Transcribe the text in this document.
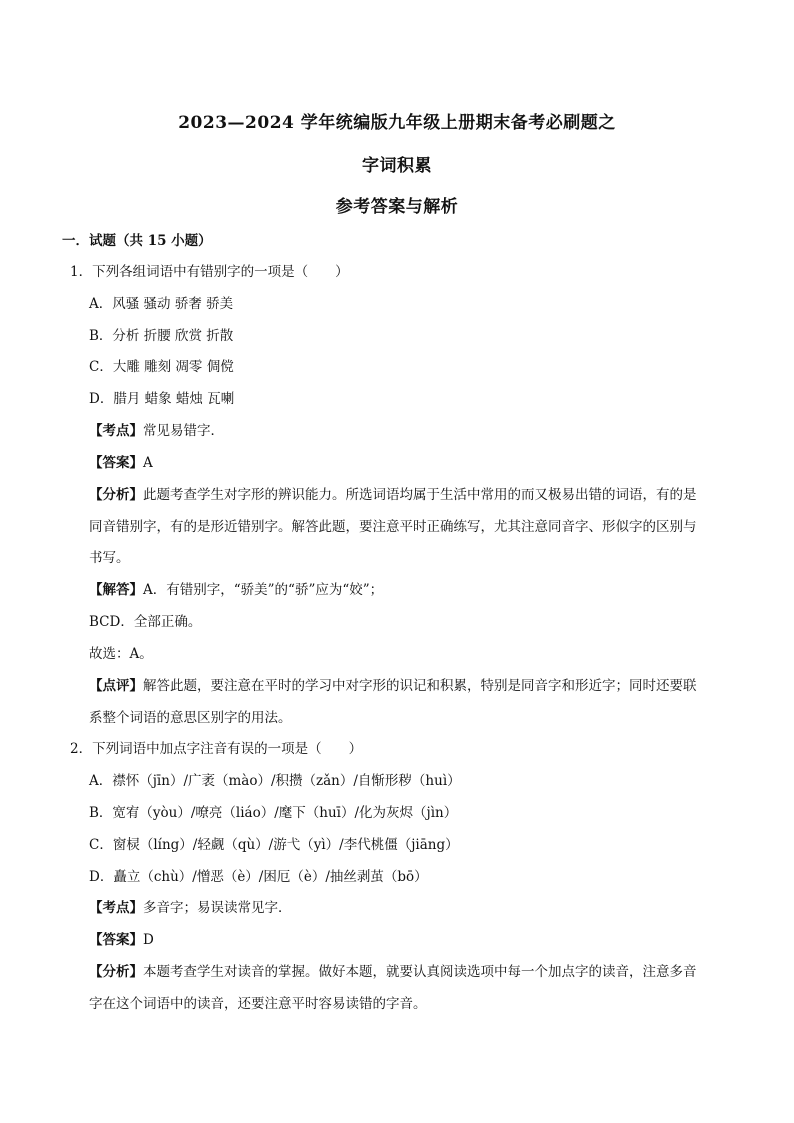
2023—2024 学年统编版九年级上册期末备考必刷题之
字词积累
参考答案与解析
一．试题（共 15 小题）
1．下列各组词语中有错别字的一项是（　　）
A．风骚 骚动 骄奢 骄美
B．分析 折腰 欣赏 折散
C．大雕 雕刻 凋零 倜傥
D．腊月 蜡象 蜡烛 瓦喇
【考点】常见易错字．
【答案】A
【分析】此题考查学生对字形的辨识能力。所选词语均属于生活中常用的而又极易出错的词语，有的是
同音错别字，有的是形近错别字。解答此题，要注意平时正确练写，尤其注意同音字、形似字的区别与
书写。
【解答】A．有错别字，“骄美”的“骄”应为“姣”；
BCD．全部正确。
故选：A。
【点评】解答此题，要注意在平时的学习中对字形的识记和积累，特别是同音字和形近字；同时还要联
系整个词语的意思区别字的用法。
2．下列词语中加点字注音有误的一项是（　　）
A．襟怀（jīn）/广袤（mào）/积攒（zǎn）/自惭形秽（huì）
B．宽宥（yòu）/嘹亮（liáo）/麾下（huī）/化为灰烬（jìn）
C．窗棂（líng）/轻觑（qù）/游弋（yì）/李代桃僵（jiāng）
D．矗立（chù）/憎恶（è）/困厄（è）/抽丝剥茧（bō）
【考点】多音字；易误读常见字．
【答案】D
【分析】本题考查学生对读音的掌握。做好本题，就要认真阅读选项中每一个加点字的读音，注意多音
字在这个词语中的读音，还要注意平时容易读错的字音。
